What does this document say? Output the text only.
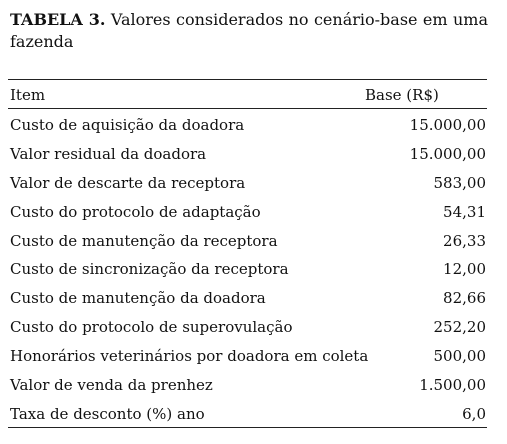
TABELA 3. Valores considerados no cenário-base em uma fazenda

Item	Base (R$)
Custo de aquisição da doadora	15.000,00
Valor residual da doadora	15.000,00
Valor de descarte da receptora	583,00
Custo do protocolo de adaptação	54,31
Custo de manutenção da receptora	26,33
Custo de sincronização da receptora	12,00
Custo de manutenção da doadora	82,66
Custo do protocolo de superovulação	252,20
Honorários veterinários por doadora em coleta	500,00
Valor de venda da prenhez	1.500,00
Taxa de desconto (%) ano	6,0
